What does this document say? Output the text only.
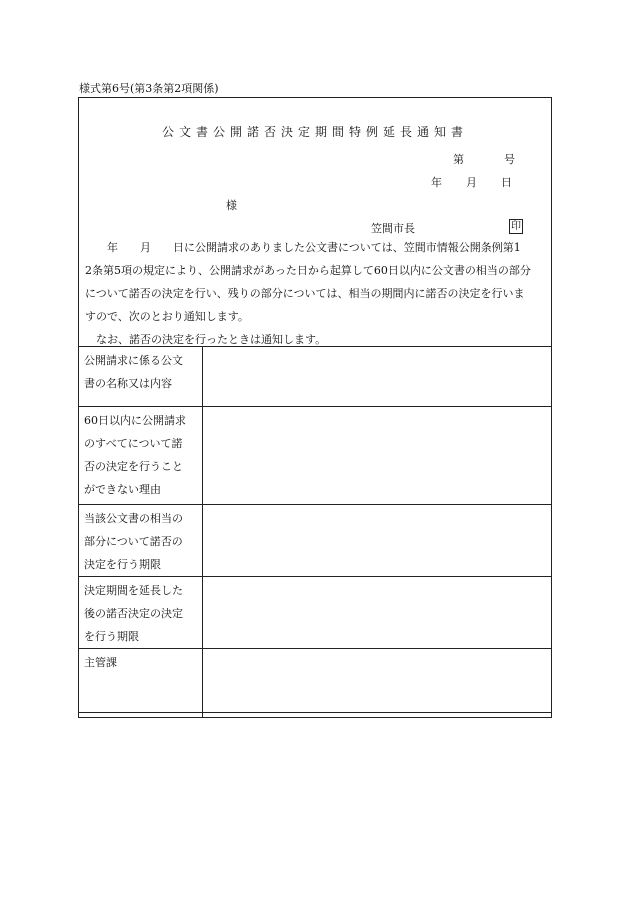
様式第6号(第3条第2項関係)
公文書公開諾否決定期間特例延長通知書
第	号
年 月 日
様
笠間市長	印
年　　月　　日に公開請求のありました公文書については、笠間市情報公開条例第1
2条第5項の規定により、公開請求があった日から起算して60日以内に公文書の相当の部分
について諾否の決定を行い、残りの部分については、相当の期間内に諾否の決定を行いま
すので、次のとおり通知します。
なお、諾否の決定を行ったときは通知します。
公開請求に係る公文
書の名称又は内容	

60日以内に公開請求
のすべてについて諾
否の決定を行うこと
ができない理由	

当該公文書の相当の
部分について諾否の
決定を行う期限	

決定期間を延長した
後の諾否決定の決定
を行う期限	

主管課	
